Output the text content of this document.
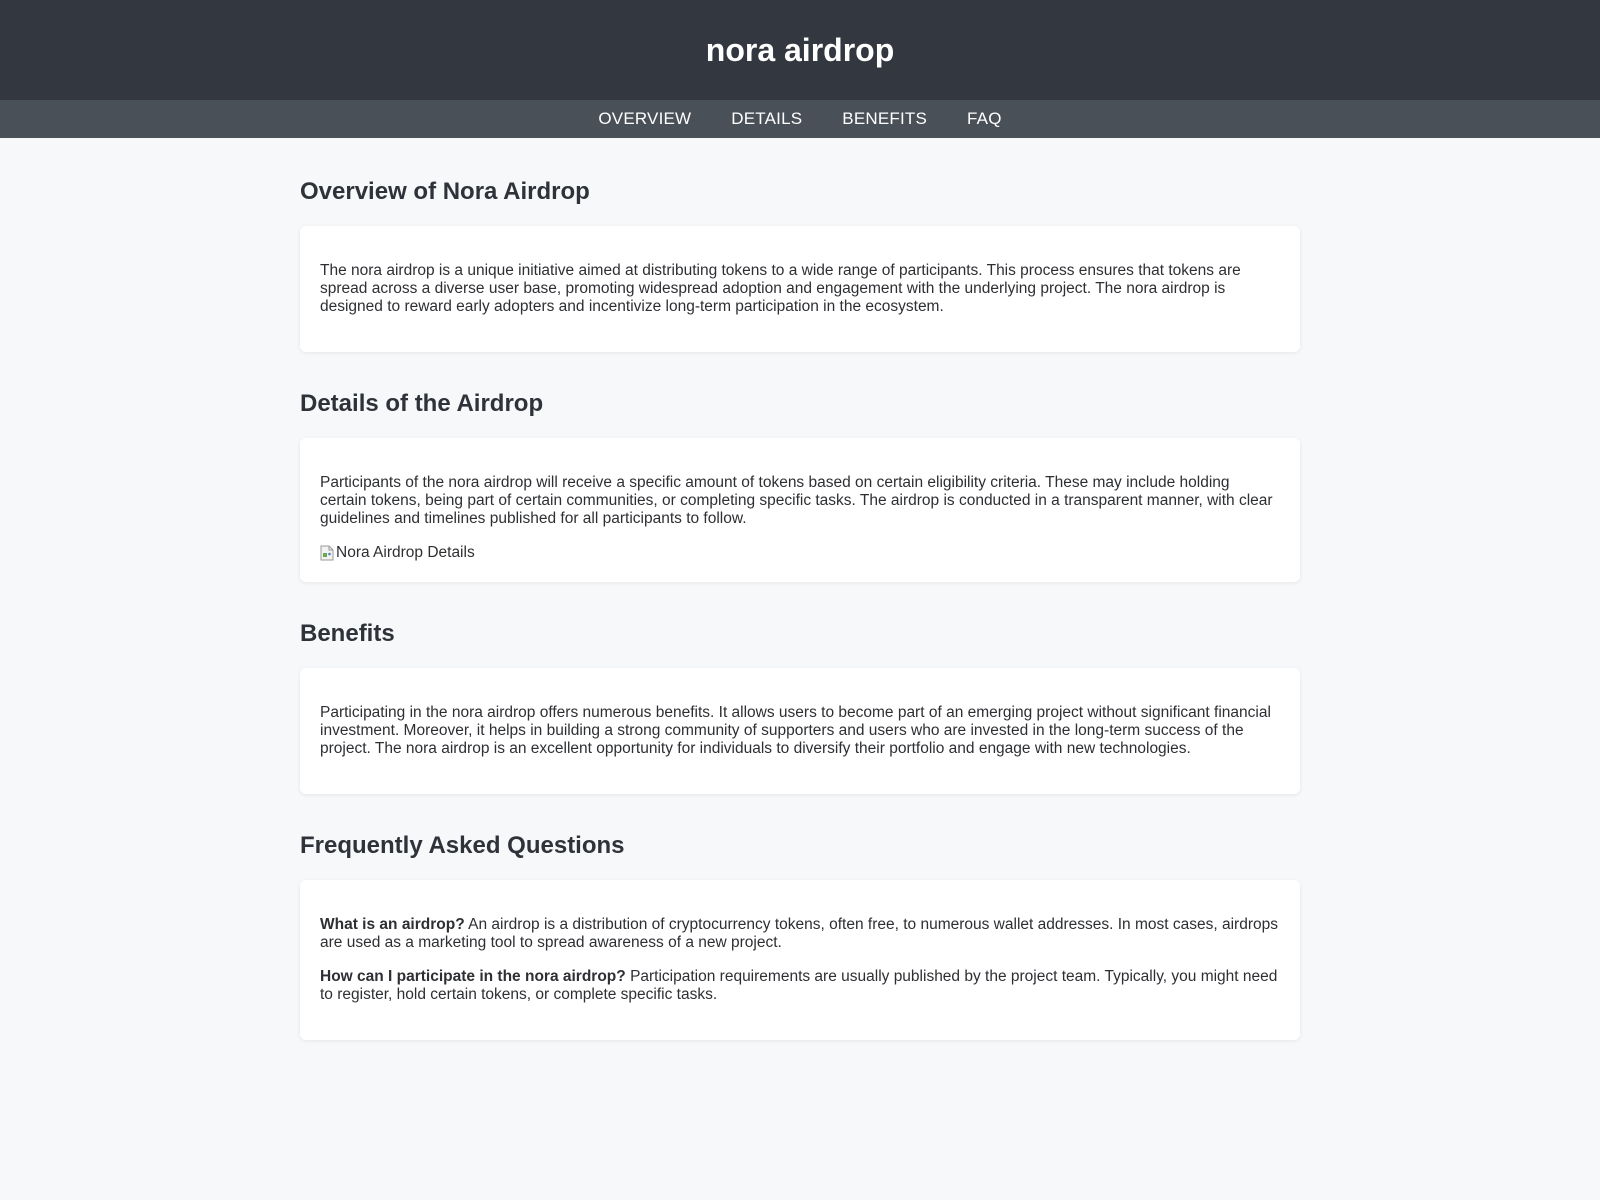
nora airdrop
OVERVIEW DETAILS BENEFITS FAQ
Overview of Nora Airdrop

The nora airdrop is a unique initiative aimed at distributing tokens to a wide range of participants. This process ensures that tokens are spread across a diverse user base, promoting widespread adoption and engagement with the underlying project. The nora airdrop is designed to reward early adopters and incentivize long-term participation in the ecosystem.

Details of the Airdrop

Participants of the nora airdrop will receive a specific amount of tokens based on certain eligibility criteria. These may include holding certain tokens, being part of certain communities, or completing specific tasks. The airdrop is conducted in a transparent manner, with clear guidelines and timelines published for all participants to follow.

Nora Airdrop Details
Benefits

Participating in the nora airdrop offers numerous benefits. It allows users to become part of an emerging project without significant financial investment. Moreover, it helps in building a strong community of supporters and users who are invested in the long-term success of the project. The nora airdrop is an excellent opportunity for individuals to diversify their portfolio and engage with new technologies.

Frequently Asked Questions

What is an airdrop? An airdrop is a distribution of cryptocurrency tokens, often free, to numerous wallet addresses. In most cases, airdrops are used as a marketing tool to spread awareness of a new project.

How can I participate in the nora airdrop? Participation requirements are usually published by the project team. Typically, you might need to register, hold certain tokens, or complete specific tasks.
